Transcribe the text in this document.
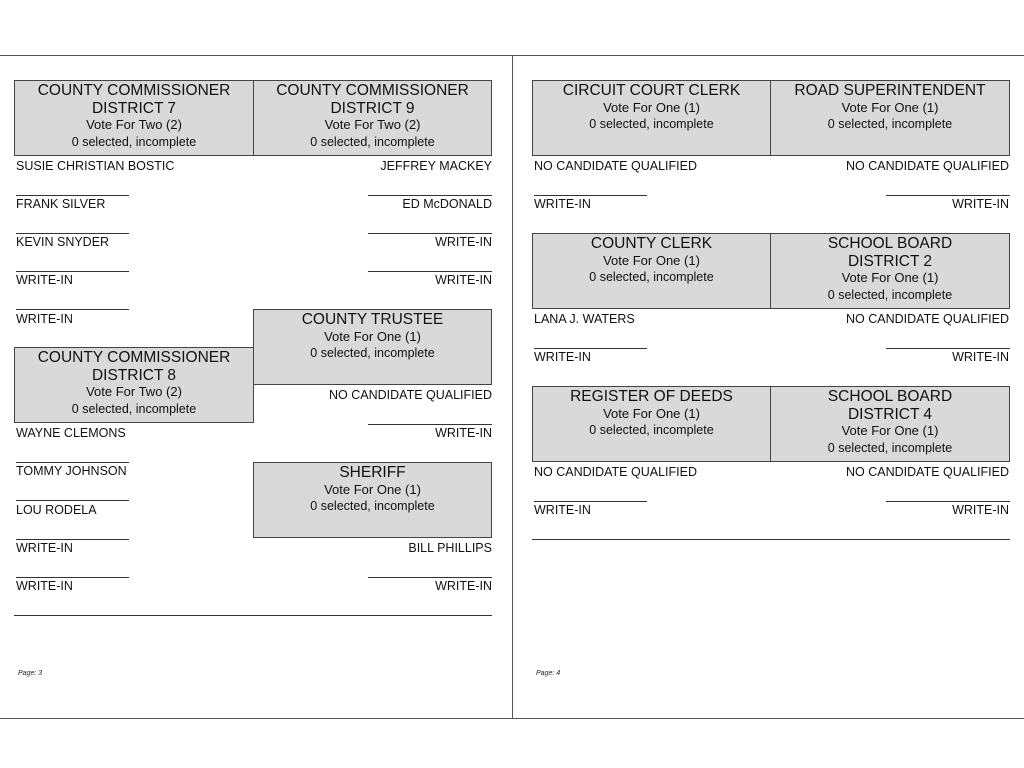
COUNTY COMMISSIONER
DISTRICT 7
Vote For Two (2)
0 selected, incomplete
SUSIE CHRISTIAN BOSTIC
FRANK SILVER
KEVIN SNYDER
WRITE-IN
WRITE-IN
COUNTY COMMISSIONER
DISTRICT 9
Vote For Two (2)
0 selected, incomplete
JEFFREY MACKEY
ED McDONALD
WRITE-IN
WRITE-IN
COUNTY TRUSTEE
Vote For One (1)
0 selected, incomplete
NO CANDIDATE QUALIFIED
WRITE-IN
COUNTY COMMISSIONER
DISTRICT 8
Vote For Two (2)
0 selected, incomplete
WAYNE CLEMONS
TOMMY JOHNSON
LOU RODELA
WRITE-IN
WRITE-IN
SHERIFF
Vote For One (1)
0 selected, incomplete
BILL PHILLIPS
WRITE-IN
Page: 3
CIRCUIT COURT CLERK
Vote For One (1)
0 selected, incomplete
NO CANDIDATE QUALIFIED
WRITE-IN
ROAD SUPERINTENDENT
Vote For One (1)
0 selected, incomplete
NO CANDIDATE QUALIFIED
WRITE-IN
COUNTY CLERK
Vote For One (1)
0 selected, incomplete
LANA J. WATERS
WRITE-IN
SCHOOL BOARD
DISTRICT 2
Vote For One (1)
0 selected, incomplete
NO CANDIDATE QUALIFIED
WRITE-IN
REGISTER OF DEEDS
Vote For One (1)
0 selected, incomplete
NO CANDIDATE QUALIFIED
WRITE-IN
SCHOOL BOARD
DISTRICT 4
Vote For One (1)
0 selected, incomplete
NO CANDIDATE QUALIFIED
WRITE-IN
Page: 4
